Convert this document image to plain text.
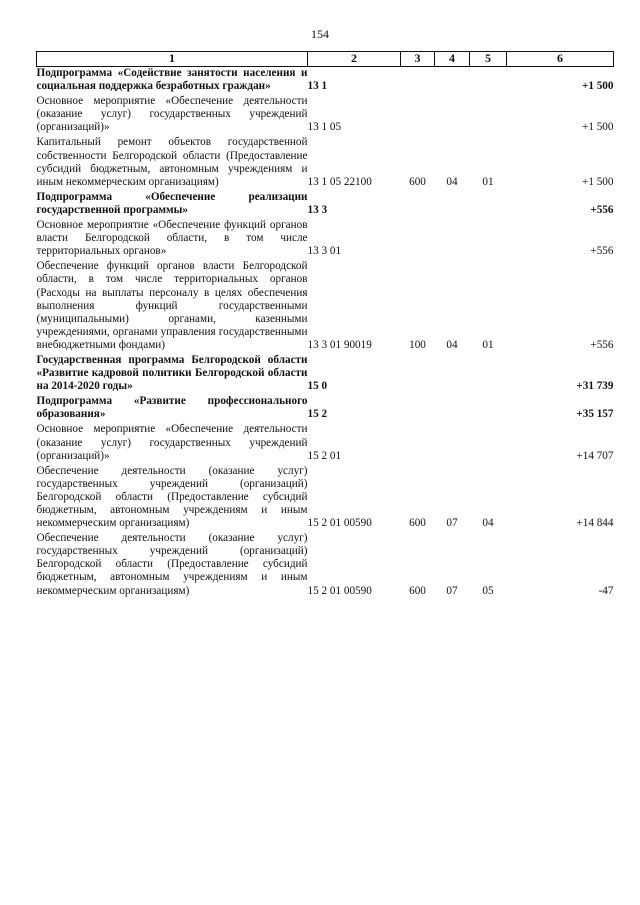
154
1	2	3	4	5	6
Подпрограмма «Содействие занятости населения и социальная поддержка безработных граждан»	13 1				+1 500

Основное мероприятие «Обеспечение деятельности (оказание услуг) государственных учреждений (организаций)»	13 1 05				+1 500

Капитальный ремонт объектов государственной собственности Белгородской области (Предоставление субсидий бюджетным, автономным учреждениям и иным некоммерческим организациям)	13 1 05 22100	600	04	01	+1 500

Подпрограмма «Обеспечение реализации государственной программы»	13 3				+556

Основное мероприятие «Обеспечение функций органов власти Белгородской области, в том числе территориальных органов»	13 3 01				+556

Обеспечение функций органов власти Белгородской области, в том числе территориальных органов (Расходы на выплаты персоналу в целях обеспечения выполнения функций государственными (муниципальными) органами, казенными учреждениями, органами управления государственными внебюджетными фондами)	13 3 01 90019	100	04	01	+556

Государственная программа Белгородской области «Развитие кадровой политики Белгородской области на 2014-2020 годы»	15 0				+31 739

Подпрограмма «Развитие профессионального образования»	15 2				+35 157

Основное мероприятие «Обеспечение деятельности (оказание услуг) государственных учреждений (организаций)»	15 2 01				+14 707

Обеспечение деятельности (оказание услуг) государственных учреждений (организаций) Белгородской области (Предоставление субсидий бюджетным, автономным учреждениям и иным некоммерческим организациям)	15 2 01 00590	600	07	04	+14 844

Обеспечение деятельности (оказание услуг) государственных учреждений (организаций) Белгородской области (Предоставление субсидий бюджетным, автономным учреждениям и иным некоммерческим организациям)	15 2 01 00590	600	07	05	-47
